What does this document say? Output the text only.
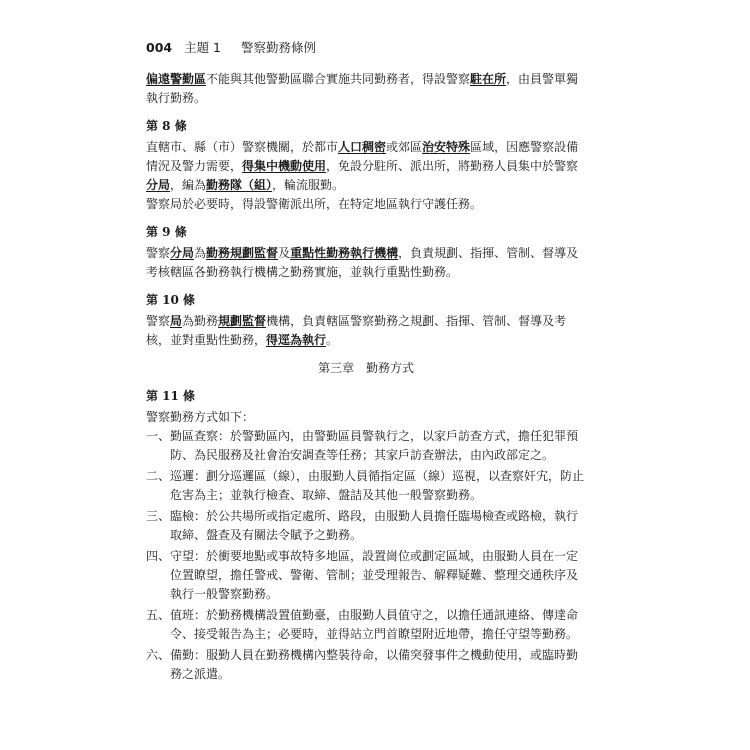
004 主題 1 警察勤務條例

偏遠警勤區不能與其他警勤區聯合實施共同勤務者，得設警察駐在所，由員警單獨執行勤務。

第 8 條

直轄市、縣（市）警察機關，於都市人口稠密或郊區治安特殊區域，因應警察設備情況及警力需要，得集中機動使用，免設分駐所、派出所，將勤務人員集中於警察分局，編為勤務隊（組），輪流服勤。

警察局於必要時，得設警衛派出所，在特定地區執行守護任務。

第 9 條

警察分局為勤務規劃監督及重點性勤務執行機構，負責規劃、指揮、管制、督導及考核轄區各勤務執行機構之勤務實施，並執行重點性勤務。

第 10 條

警察局為勤務規劃監督機構，負責轄區警察勤務之規劃、指揮、管制、督導及考核，並對重點性勤務，得逕為執行。

第三章　勤務方式
第 11 條

警察勤務方式如下：

一、 勤區查察：於警勤區內，由警勤區員警執行之，以家戶訪查方式，擔任犯罪預防、為民服務及社會治安調查等任務；其家戶訪查辦法，由內政部定之。
二、 巡邏：劃分巡邏區（線），由服勤人員循指定區（線）巡視，以查察奸宄，防止危害為主；並執行檢查、取締、盤詰及其他一般警察勤務。
三、 臨檢：於公共場所或指定處所、路段，由服勤人員擔任臨場檢查或路檢，執行取締、盤查及有關法令賦予之勤務。
四、 守望：於衝要地點或事故特多地區，設置崗位或劃定區域，由服勤人員在一定位置瞭望，擔任警戒、警衛、管制；並受理報告、解釋疑難、整理交通秩序及執行一般警察勤務。
五、 值班：於勤務機構設置值勤臺，由服勤人員值守之，以擔任通訊連絡、傳達命令、接受報告為主；必要時，並得站立門首瞭望附近地帶，擔任守望等勤務。
六、 備勤：服勤人員在勤務機構內整裝待命，以備突發事件之機動使用，或臨時勤務之派遣。
